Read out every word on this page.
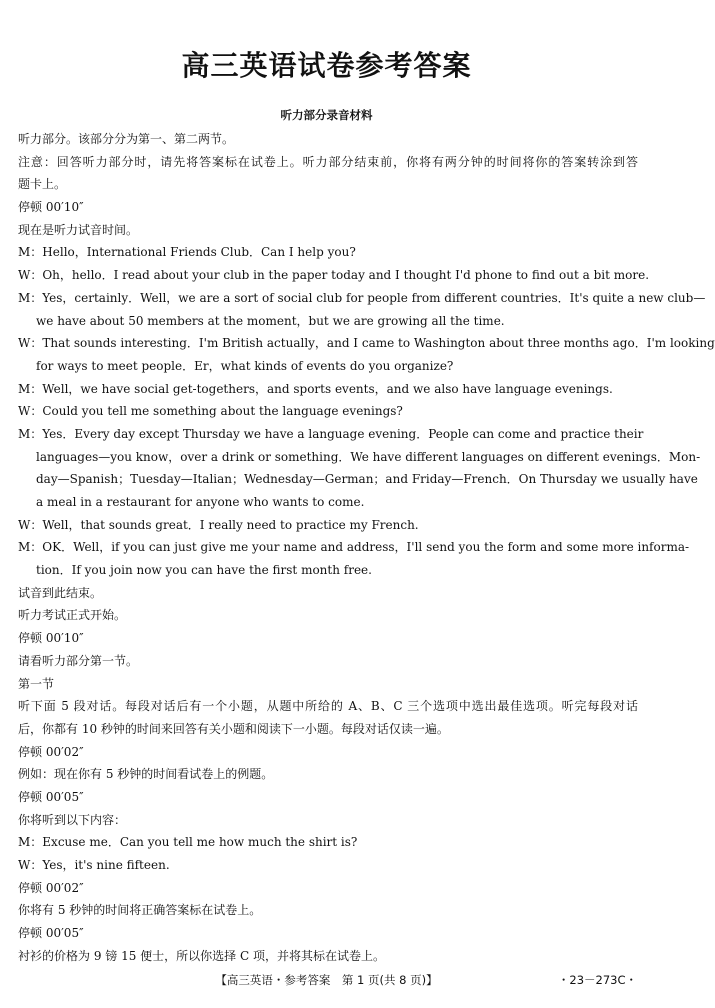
高三英语试卷参考答案
听力部分录音材料
听力部分。该部分分为第一、第二两节。
注意：回答听力部分时，请先将答案标在试卷上。听力部分结束前，你将有两分钟的时间将你的答案转涂到答
题卡上。
停顿 00′10″
现在是听力试音时间。
M：Hello，International Friends Club．Can I help you?
W：Oh，hello．I read about your club in the paper today and I thought I'd phone to find out a bit more.
M：Yes，certainly．Well，we are a sort of social club for people from different countries．It's quite a new club—
we have about 50 members at the moment，but we are growing all the time.
W：That sounds interesting．I'm British actually，and I came to Washington about three months ago．I'm looking
for ways to meet people．Er，what kinds of events do you organize?
M：Well，we have social get-togethers，and sports events，and we also have language evenings.
W：Could you tell me something about the language evenings?
M：Yes．Every day except Thursday we have a language evening．People can come and practice their
languages—you know，over a drink or something．We have different languages on different evenings．Mon-
day—Spanish；Tuesday—Italian；Wednesday—German；and Friday—French．On Thursday we usually have
a meal in a restaurant for anyone who wants to come.
W：Well，that sounds great．I really need to practice my French.
M：OK．Well，if you can just give me your name and address，I'll send you the form and some more informa-
tion．If you join now you can have the first month free.
试音到此结束。
听力考试正式开始。
停顿 00′10″
请看听力部分第一节。
第一节
听下面 5 段对话。每段对话后有一个小题，从题中所给的 A、B、C 三个选项中选出最佳选项。听完每段对话
后，你都有 10 秒钟的时间来回答有关小题和阅读下一小题。每段对话仅读一遍。
停顿 00′02″
例如：现在你有 5 秒钟的时间看试卷上的例题。
停顿 00′05″
你将听到以下内容：
M：Excuse me．Can you tell me how much the shirt is?
W：Yes，it's nine fifteen.
停顿 00′02″
你将有 5 秒钟的时间将正确答案标在试卷上。
停顿 00′05″
衬衫的价格为 9 镑 15 便士，所以你选择 C 项，并将其标在试卷上。
【高三英语・参考答案　第 1 页(共 8 页)】	・23－273C・
